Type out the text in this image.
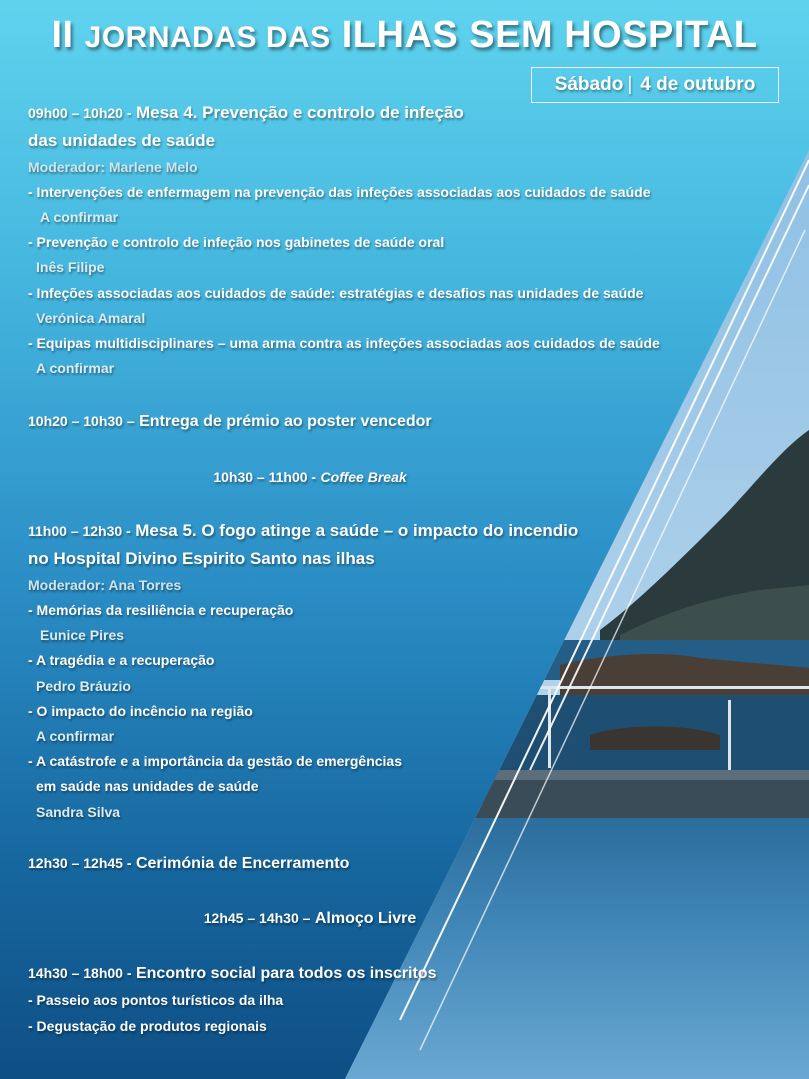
II JORNADAS DAS ILHAS SEM HOSPITAL
Sábado | 4 de outubro
09h00 – 10h20 - Mesa 4. Prevenção e controlo de infeção
das unidades de saúde
Moderador: Marlene Melo
- Intervenções de enfermagem na prevenção das infeções associadas aos cuidados de saúde
A confirmar
- Prevenção e controlo de infeção nos gabinetes de saúde oral
Inês Filipe
- Infeções associadas aos cuidados de saúde: estratégias e desafios nas unidades de saúde
Verónica Amaral
- Equipas multidisciplinares – uma arma contra as infeções associadas aos cuidados de saúde
A confirmar
10h20 – 10h30 – Entrega de prémio ao poster vencedor
10h30 – 11h00 - Coffee Break
11h00 – 12h30 - Mesa 5. O fogo atinge a saúde – o impacto do incendio
no Hospital Divino Espirito Santo nas ilhas
Moderador: Ana Torres
- Memórias da resiliência e recuperação
Eunice Pires
- A tragédia e a recuperação
Pedro Bráuzio
- O impacto do incêncio na região
A confirmar
- A catástrofe e a importância da gestão de emergências
em saúde nas unidades de saúde
Sandra Silva
12h30 – 12h45 - Cerimónia de Encerramento
12h45 – 14h30 – Almoço Livre
14h30 – 18h00 - Encontro social para todos os inscritos
- Passeio aos pontos turísticos da ilha
- Degustação de produtos regionais
